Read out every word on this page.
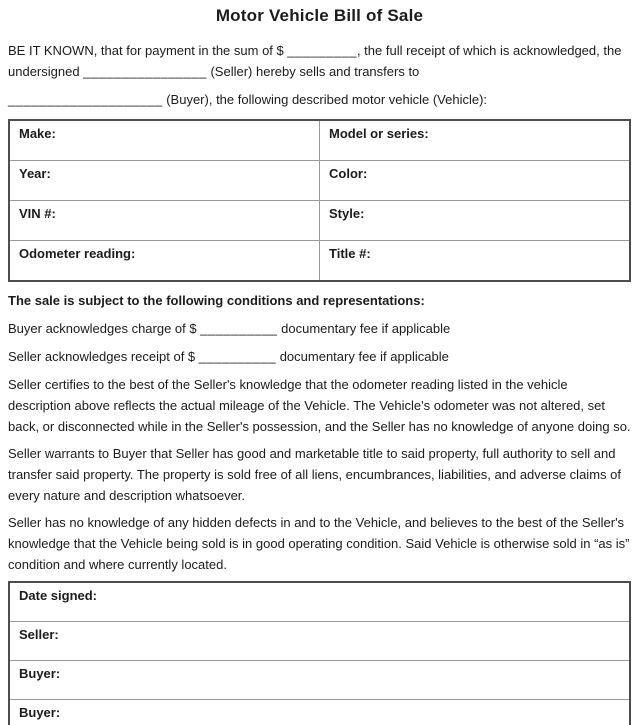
Motor Vehicle Bill of Sale

BE IT KNOWN, that for payment in the sum of $ _________, the full receipt of which is acknowledged, the undersigned ________________ (Seller) hereby sells and transfers to

____________________ (Buyer), the following described motor vehicle (Vehicle):

Make:	Model or series:
Year:	Color:
VIN #:	Style:
Odometer reading:	Title #:

The sale is subject to the following conditions and representations:

Buyer acknowledges charge of $ __________ documentary fee if applicable

Seller acknowledges receipt of $ __________ documentary fee if applicable

Seller certifies to the best of the Seller's knowledge that the odometer reading listed in the vehicle description above reflects the actual mileage of the Vehicle. The Vehicle's odometer was not altered, set back, or disconnected while in the Seller's possession, and the Seller has no knowledge of anyone doing so.

Seller warrants to Buyer that Seller has good and marketable title to said property, full authority to sell and transfer said property. The property is sold free of all liens, encumbrances, liabilities, and adverse claims of every nature and description whatsoever.

Seller has no knowledge of any hidden defects in and to the Vehicle, and believes to the best of the Seller's knowledge that the Vehicle being sold is in good operating condition. Said Vehicle is otherwise sold in “as is” condition and where currently located.

Date signed:
Seller:
Buyer:
Buyer:
